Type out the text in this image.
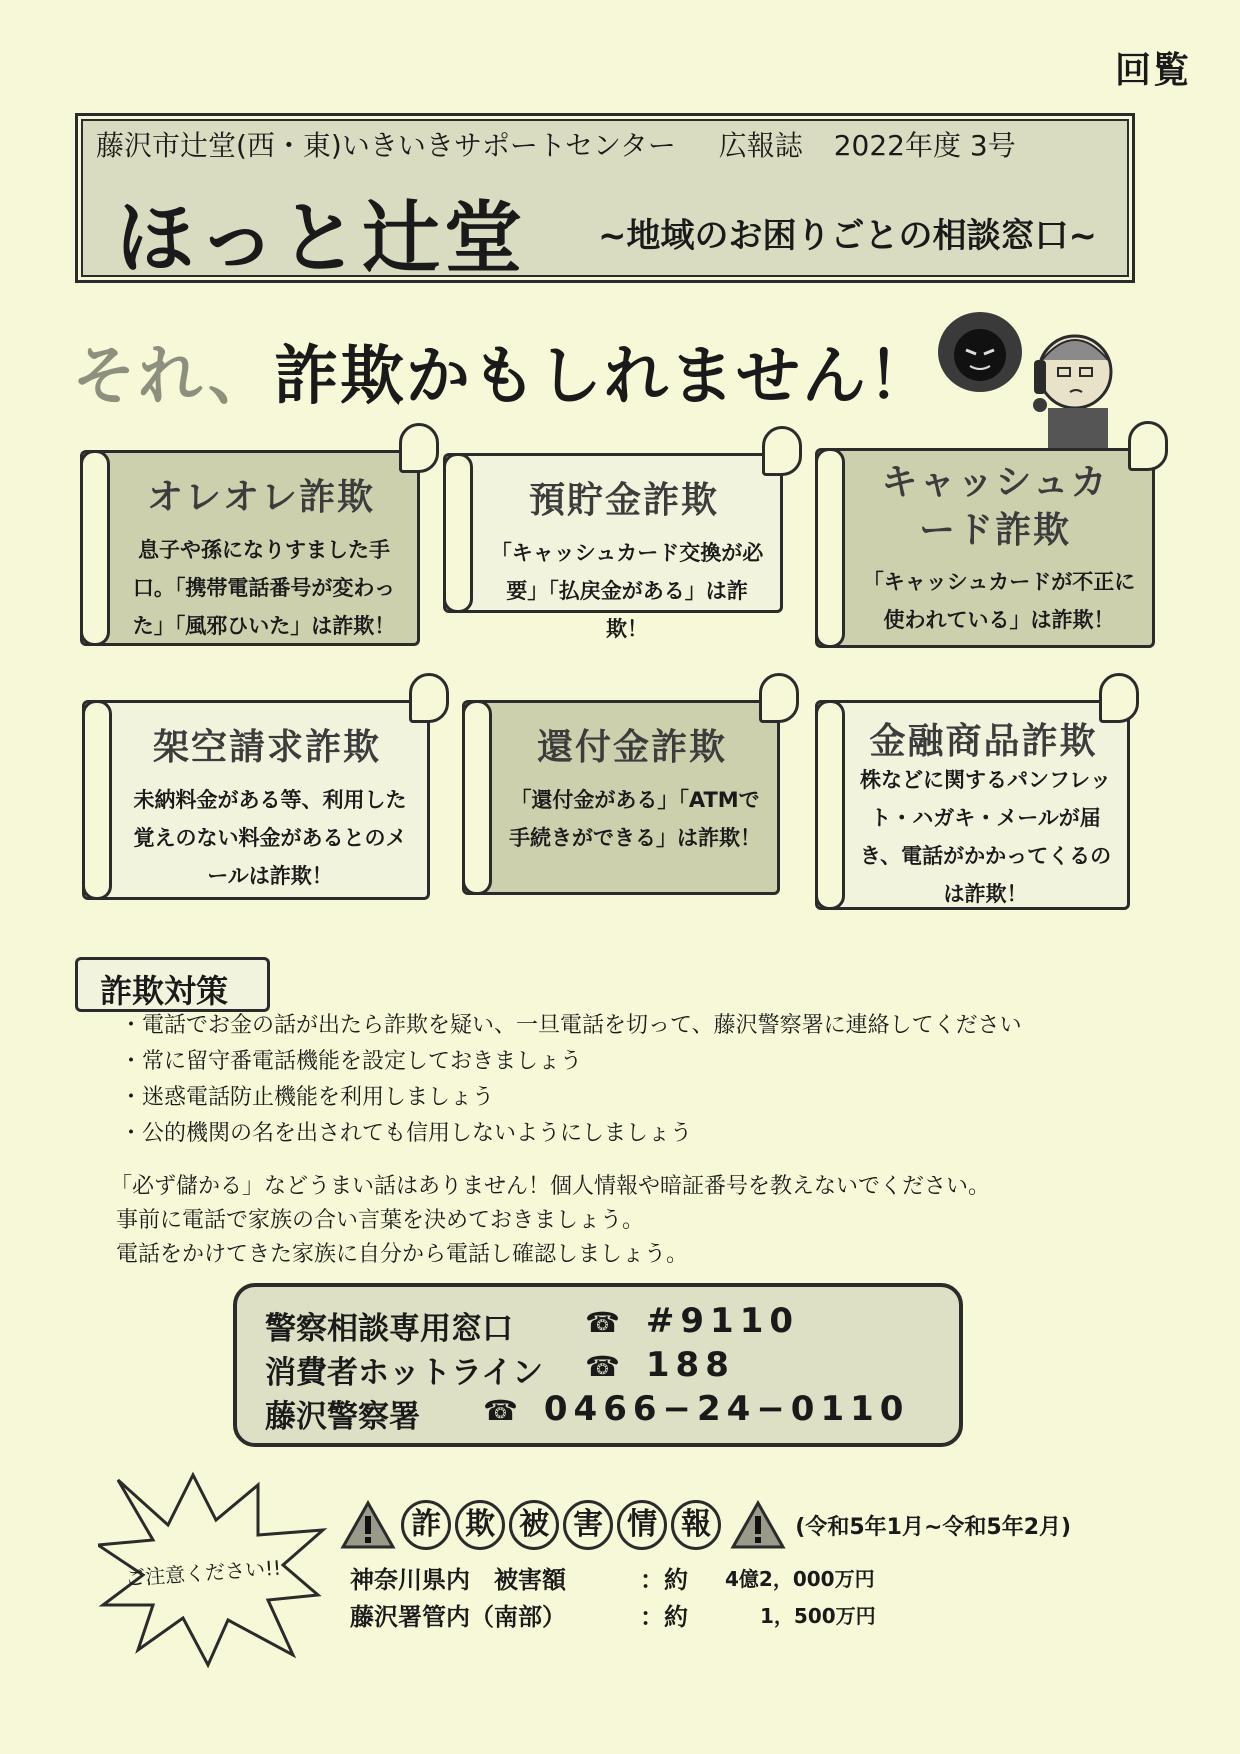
回覧
藤沢市辻堂(西・東)いきいきサポートセンター 広報誌 2022年度 3号
ほっと辻堂 ~地域のお困りごとの相談窓口~
それ、詐欺かもしれません！
オレオレ詐欺
息子や孫になりすました手口。「携帯電話番号が変わった」「風邪ひいた」は詐欺！
預貯金詐欺
「キャッシュカード交換が必要」「払戻金がある」は詐欺！
キャッシュカード詐欺
「キャッシュカードが不正に使われている」は詐欺！
架空請求詐欺
未納料金がある等、利用した覚えのない料金があるとのメールは詐欺！
還付金詐欺
「還付金がある」「ATMで 手続きができる」は詐欺！
金融商品詐欺
株などに関するパンフレット・ハガキ・メールが届き、電話がかかってくるのは詐欺！
詐欺対策
・ 電話でお金の話が出たら詐欺を疑い、一旦電話を切って、藤沢警察署に連絡してください
・ 常に留守番電話機能を設定しておきましょう
・ 迷惑電話防止機能を利用しましょう
・ 公的機関の名を出されても信用しないようにしましょう
「必ず儲かる」などうまい話はありません！個人情報や暗証番号を教えないでください。
事前に電話で家族の合い言葉を決めておきましょう。
電話をかけてきた家族に自分から電話し確認しましょう。
警察相談専用窓口	☎ #9110
消費者ホットライン	☎ 188
藤沢警察署	☎ 0466−24−0110
ご注意ください!!
詐 欺 被 害 情 報	(令和5年1月~令和5年2月)
神奈川県内　被害額	：約 4億2，000万円
藤沢署管内（南部）	：約	1，500万円
